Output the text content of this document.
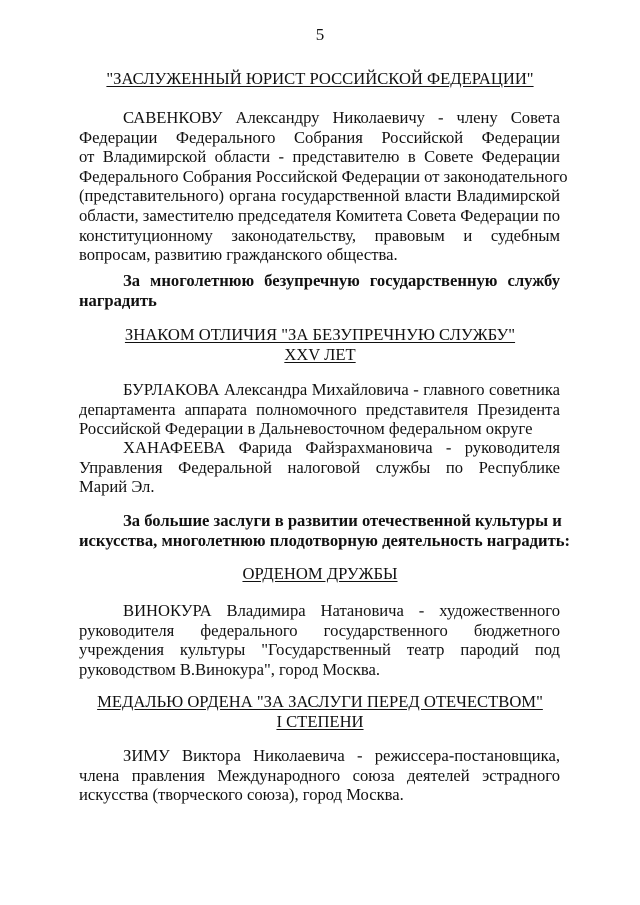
5
"ЗАСЛУЖЕННЫЙ ЮРИСТ РОССИЙСКОЙ ФЕДЕРАЦИИ"
САВЕНКОВУ Александру Николаевичу - члену Совета
Федерации Федерального Собрания Российской Федерации
от Владимирской области - представителю в Совете Федерации
Федерального Собрания Российской Федерации от законодательного
(представительного) органа государственной власти Владимирской
области, заместителю председателя Комитета Совета Федерации по
конституционному законодательству, правовым и судебным
вопросам, развитию гражданского общества.
За многолетнюю безупречную государственную службу
наградить
ЗНАКОМ ОТЛИЧИЯ "ЗА БЕЗУПРЕЧНУЮ СЛУЖБУ"
XXV ЛЕТ
БУРЛАКОВА Александра Михайловича - главного советника
департамента аппарата полномочного представителя Президента
Российской Федерации в Дальневосточном федеральном округе
ХАНАФЕЕВА Фарида Файзрахмановича - руководителя
Управления Федеральной налоговой службы по Республике
Марий Эл.
За большие заслуги в развитии отечественной культуры и
искусства, многолетнюю плодотворную деятельность наградить:
ОРДЕНОМ ДРУЖБЫ
ВИНОКУРА Владимира Натановича - художественного
руководителя федерального государственного бюджетного
учреждения культуры "Государственный театр пародий под
руководством В.Винокура", город Москва.
МЕДАЛЬЮ ОРДЕНА "ЗА ЗАСЛУГИ ПЕРЕД ОТЕЧЕСТВОМ"
I СТЕПЕНИ
ЗИМУ Виктора Николаевича - режиссера-постановщика,
члена правления Международного союза деятелей эстрадного
искусства (творческого союза), город Москва.
